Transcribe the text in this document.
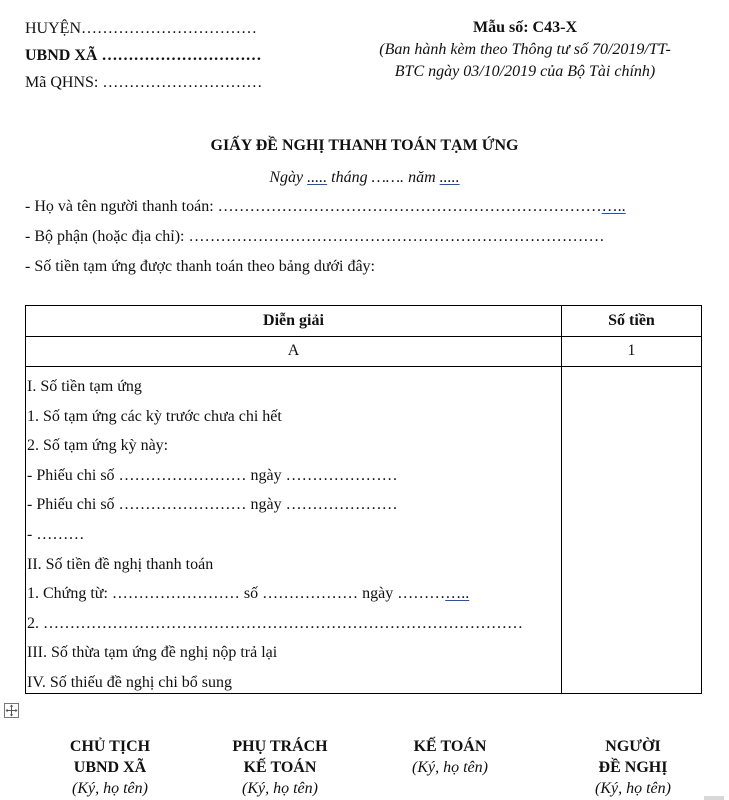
HUYỆN……………………………
UBND XÃ …………………………
Mã QHNS: …………………………
Mẫu số: C43-X
(Ban hành kèm theo Thông tư số 70/2019/TT-
BTC ngày 03/10/2019 của Bộ Tài chính)
GIẤY ĐỀ NGHỊ THANH TOÁN TẠM ỨNG
Ngày ..... tháng ……. năm .....
- Họ và tên người thanh toán: …………………………………………………………………..
- Bộ phận (hoặc địa chỉ): ……………………………………………………………………
- Số tiền tạm ứng được thanh toán theo bảng dưới đây:
Diễn giải	Số tiền
A	1
I. Số tiền tạm ứng
1. Số tạm ứng các kỳ trước chưa chi hết
2. Số tạm ứng kỳ này:
- Phiếu chi số …………………… ngày …………………
- Phiếu chi số …………………… ngày …………………
- ………
II. Số tiền đề nghị thanh toán
1. Chứng từ: …………………… số ……………… ngày …………..
2. ………………………………………………………………………………
III. Số thừa tạm ứng đề nghị nộp trả lại
IV. Số thiếu đề nghị chi bổ sung
CHỦ TỊCH
UBND XÃ
(Ký, họ tên)
PHỤ TRÁCH
KẾ TOÁN
(Ký, họ tên)
KẾ TOÁN
(Ký, họ tên)
NGƯỜI
ĐỀ NGHỊ
(Ký, họ tên)
